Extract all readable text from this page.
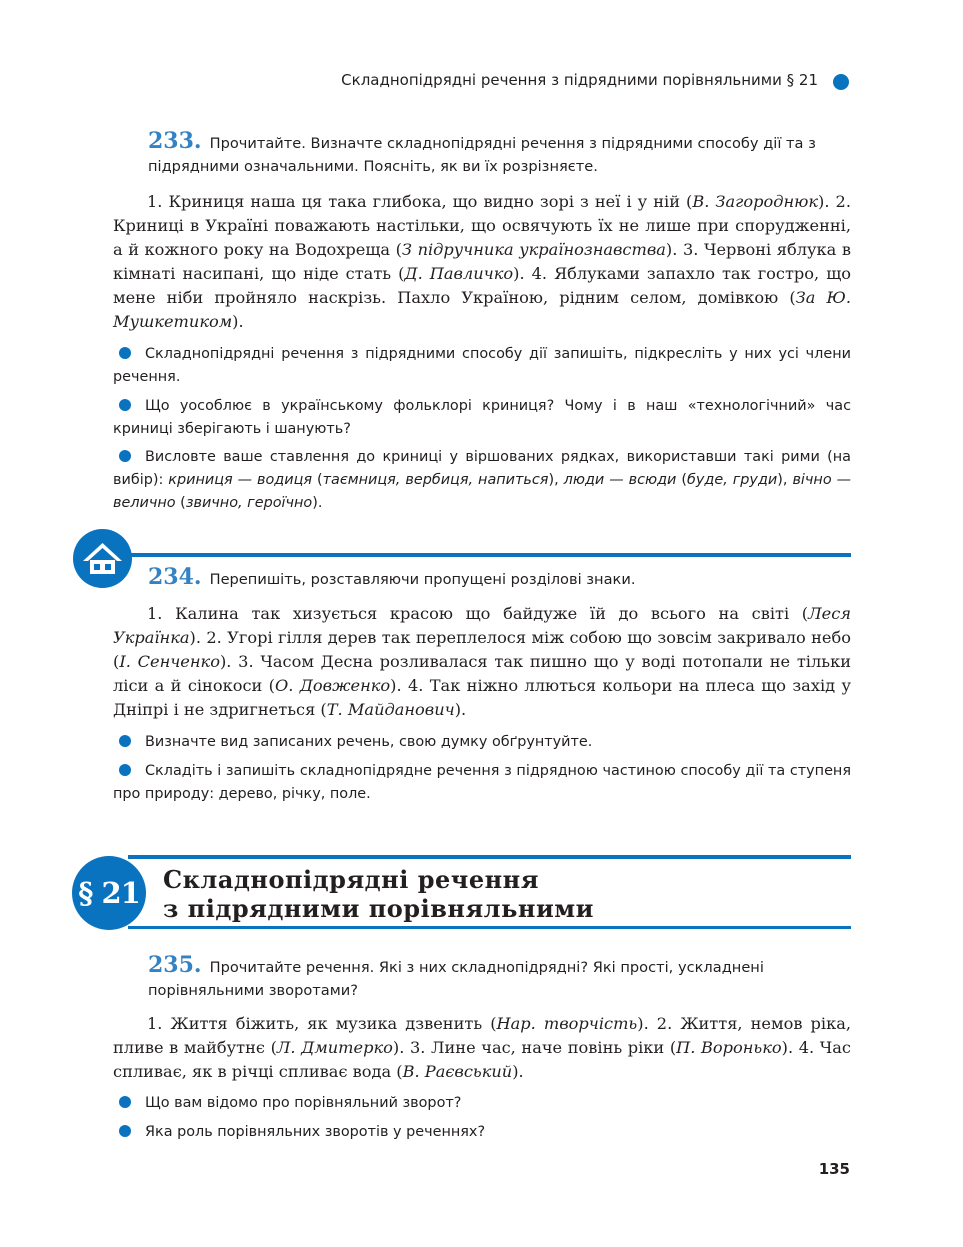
Складнопідрядні речення з підрядними порівняльними § 21
233. Прочитайте. Визначте складнопідрядні речення з підрядними способу дії та з підрядними означальними. Поясніть, як ви їх розрізняєте.
1. Криниця наша ця така глибока, що видно зорі з неї і у ній (В. Загороднюк). 2. Криниці в Україні поважають настільки, що освячують їх не лише при спорудженні, а й кожного року на Водохреща (З підручника українознавства). 3. Червоні яблука в кімнаті насипані, що ніде стать (Д. Павличко). 4. Яблуками запахло так гостро, що мене ніби пройняло наскрізь. Пахло Україною, рідним селом, домівкою (За Ю. Мушкетиком).
Складнопідрядні речення з підрядними способу дії запишіть, підкресліть у них усі члени речення.
Що уособлює в українському фольклорі криниця? Чому і в наш «технологічний» час криниці зберігають і шанують?
Висловте ваше ставлення до криниці у віршованих рядках, використавши такі рими (на вибір): криниця — водиця (таємниця, вербиця, напиться), люди — всюди (буде, груди), вічно — велично (звично, героїчно).
234. Перепишіть, розставляючи пропущені розділові знаки.
1. Калина так хизується красою що байдуже їй до всього на світі (Леся Українка). 2. Угорі гілля дерев так переплелося між собою що зовсім закривало небо (І. Сенченко). 3. Часом Десна розливалася так пишно що у воді потопали не тільки ліси а й сінокоси (О. Довженко). 4. Так ніжно ллються кольори на плеса що захід у Дніпрі і не здригнеться (Т. Майданович).
Визначте вид записаних речень, свою думку обґрунтуйте.
Складіть і запишіть складнопідрядне речення з підрядною частиною способу дії та ступеня про природу: дерево, річку, поле.
§ 21 Складнопідрядні речення
з підрядними порівняльними
235. Прочитайте речення. Які з них складнопідрядні? Які прості, ускладнені порівняльними зворотами?
1. Життя біжить, як музика дзвенить (Нар. творчість). 2. Життя, немов ріка, пливе в майбутнє (Л. Дмитерко). 3. Лине час, наче повінь ріки (П. Воронько). 4. Час спливає, як в річці спливає вода (В. Раєвський).
Що вам відомо про порівняльний зворот?
Яка роль порівняльних зворотів у реченнях?
135
